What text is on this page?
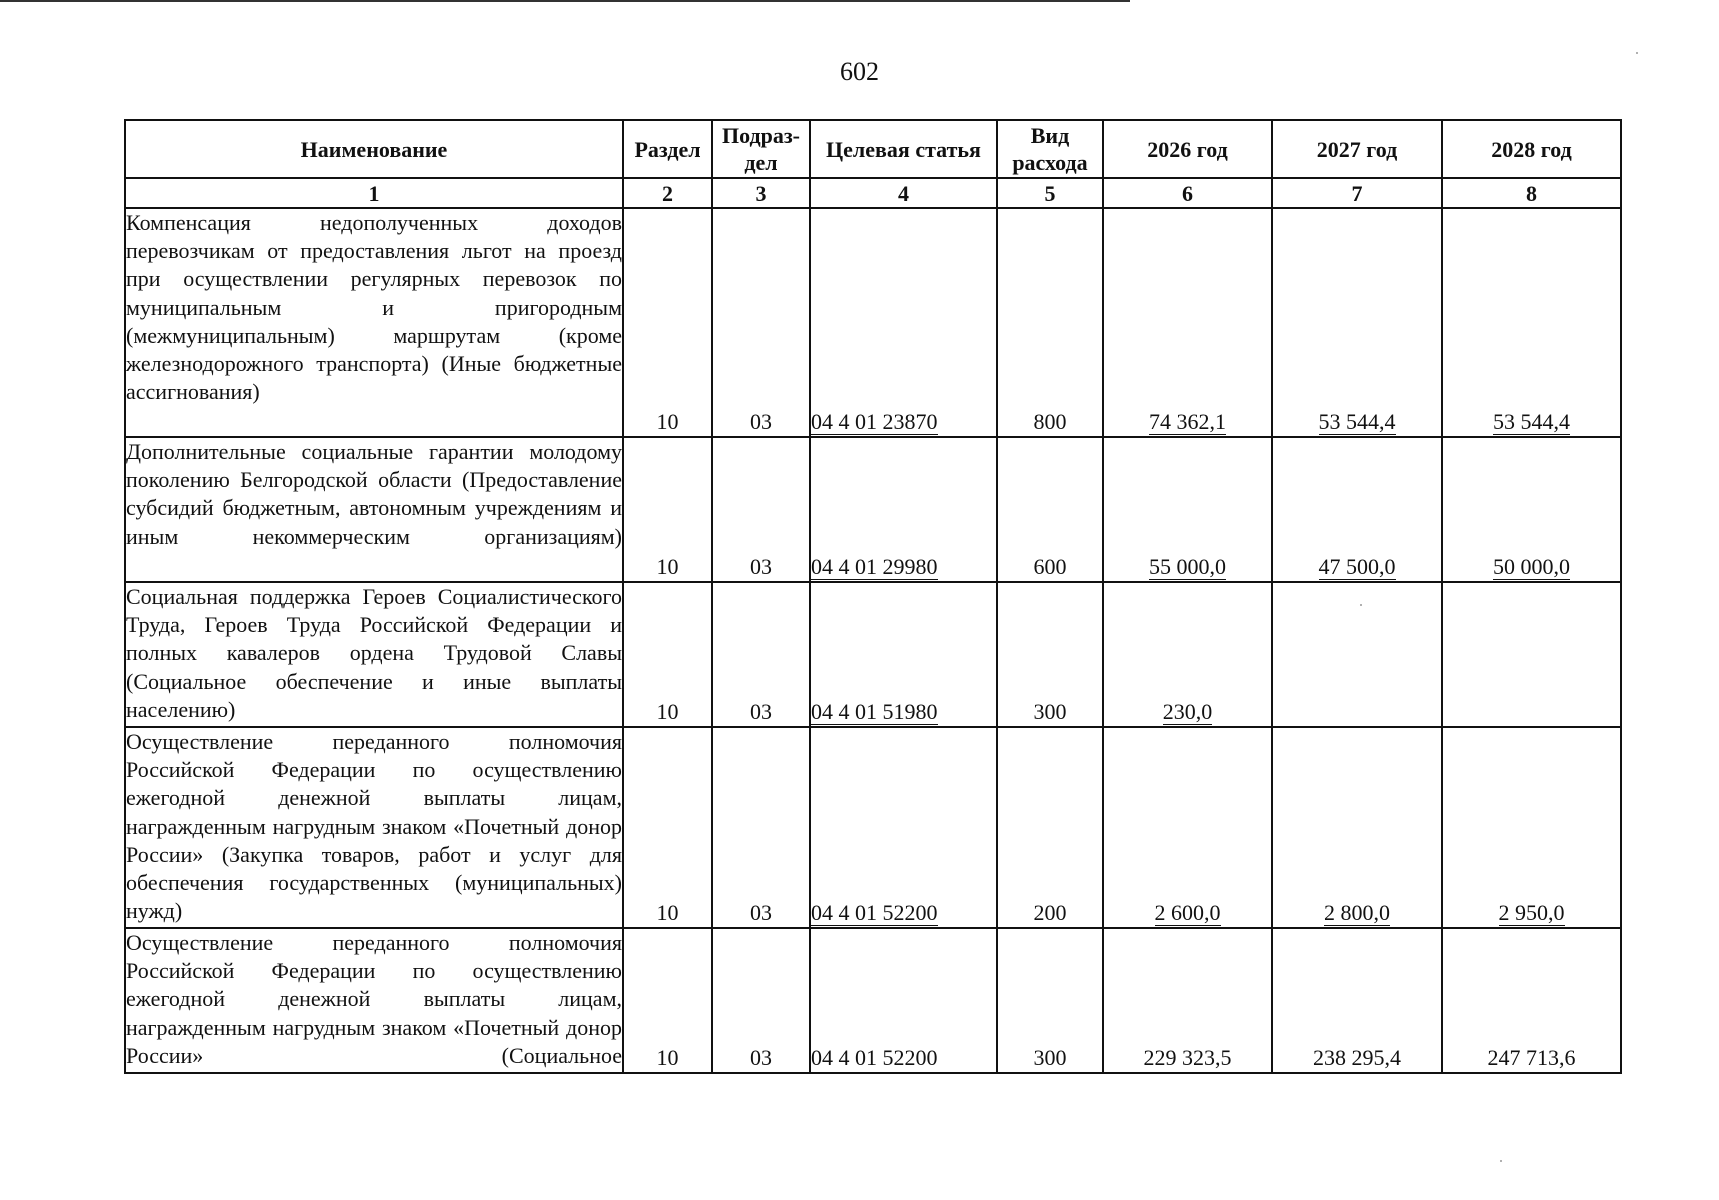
602
Наименование	Раздел	Подраз-дел	Целевая статья	Вид расхода	2026 год	2027 год	2028 год
1	2	3	4	5	6	7	8
Компенсация недополученных доходов перевозчикам от предоставления льгот на проезд при осуществлении регулярных перевозок по муниципальным и пригородным (межмуниципальным) маршрутам (кроме железнодорожного транспорта) (Иные бюджетные ассигнования)	10	03	04 4 01 23870	800	74 362,1	53 544,4	53 544,4
Дополнительные социальные гарантии молодому поколению Белгородской области (Предоставление субсидий бюджетным, автономным учреждениям и иным некоммерческим организациям)	10	03	04 4 01 29980	600	55 000,0	47 500,0	50 000,0
Социальная поддержка Героев Социалистического Труда, Героев Труда Российской Федерации и полных кавалеров ордена Трудовой Славы (Социальное обеспечение и иные выплаты населению)	10	03	04 4 01 51980	300	230,0		
Осуществление переданного полномочия Российской Федерации по осуществлению ежегодной денежной выплаты лицам, награжденным нагрудным знаком «Почетный донор России» (Закупка товаров, работ и услуг для обеспечения государственных (муниципальных) нужд)	10	03	04 4 01 52200	200	2 600,0	2 800,0	2 950,0
Осуществление переданного полномочия Российской Федерации по осуществлению ежегодной денежной выплаты лицам, награжденным нагрудным знаком «Почетный донор России» (Социальное	10	03	04 4 01 52200	300	229 323,5	238 295,4	247 713,6
